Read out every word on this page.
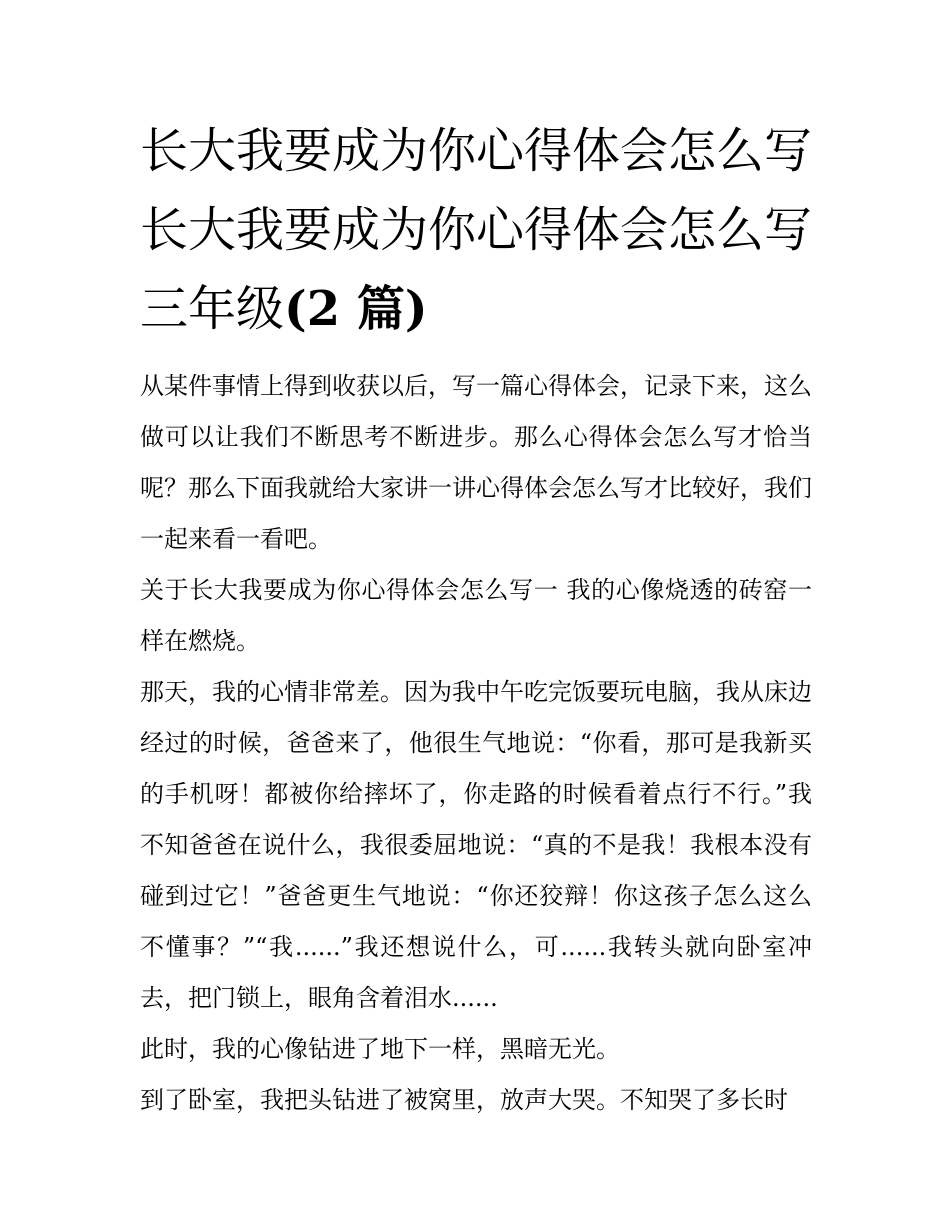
长大我要成为你心得体会怎么写 长大我要成为你心得体会怎么写三年级(2 篇)

从某件事情上得到收获以后，写一篇心得体会，记录下来，这么做可以让我们不断思考不断进步。那么心得体会怎么写才恰当呢？那么下面我就给大家讲一讲心得体会怎么写才比较好，我们一起来看一看吧。

关于长大我要成为你心得体会怎么写一 我的心像烧透的砖窑一样在燃烧。

那天，我的心情非常差。因为我中午吃完饭要玩电脑，我从床边经过的时候，爸爸来了，他很生气地说：“你看，那可是我新买的手机呀！都被你给摔坏了，你走路的时候看着点行不行。”我不知爸爸在说什么，我很委屈地说：“真的不是我！我根本没有碰到过它！”爸爸更生气地说：“你还狡辩！你这孩子怎么这么不懂事？”“我......”我还想说什么，可......我转头就向卧室冲去，把门锁上，眼角含着泪水......

此时，我的心像钻进了地下一样，黑暗无光。

到了卧室，我把头钻进了被窝里，放声大哭。不知哭了多长时
